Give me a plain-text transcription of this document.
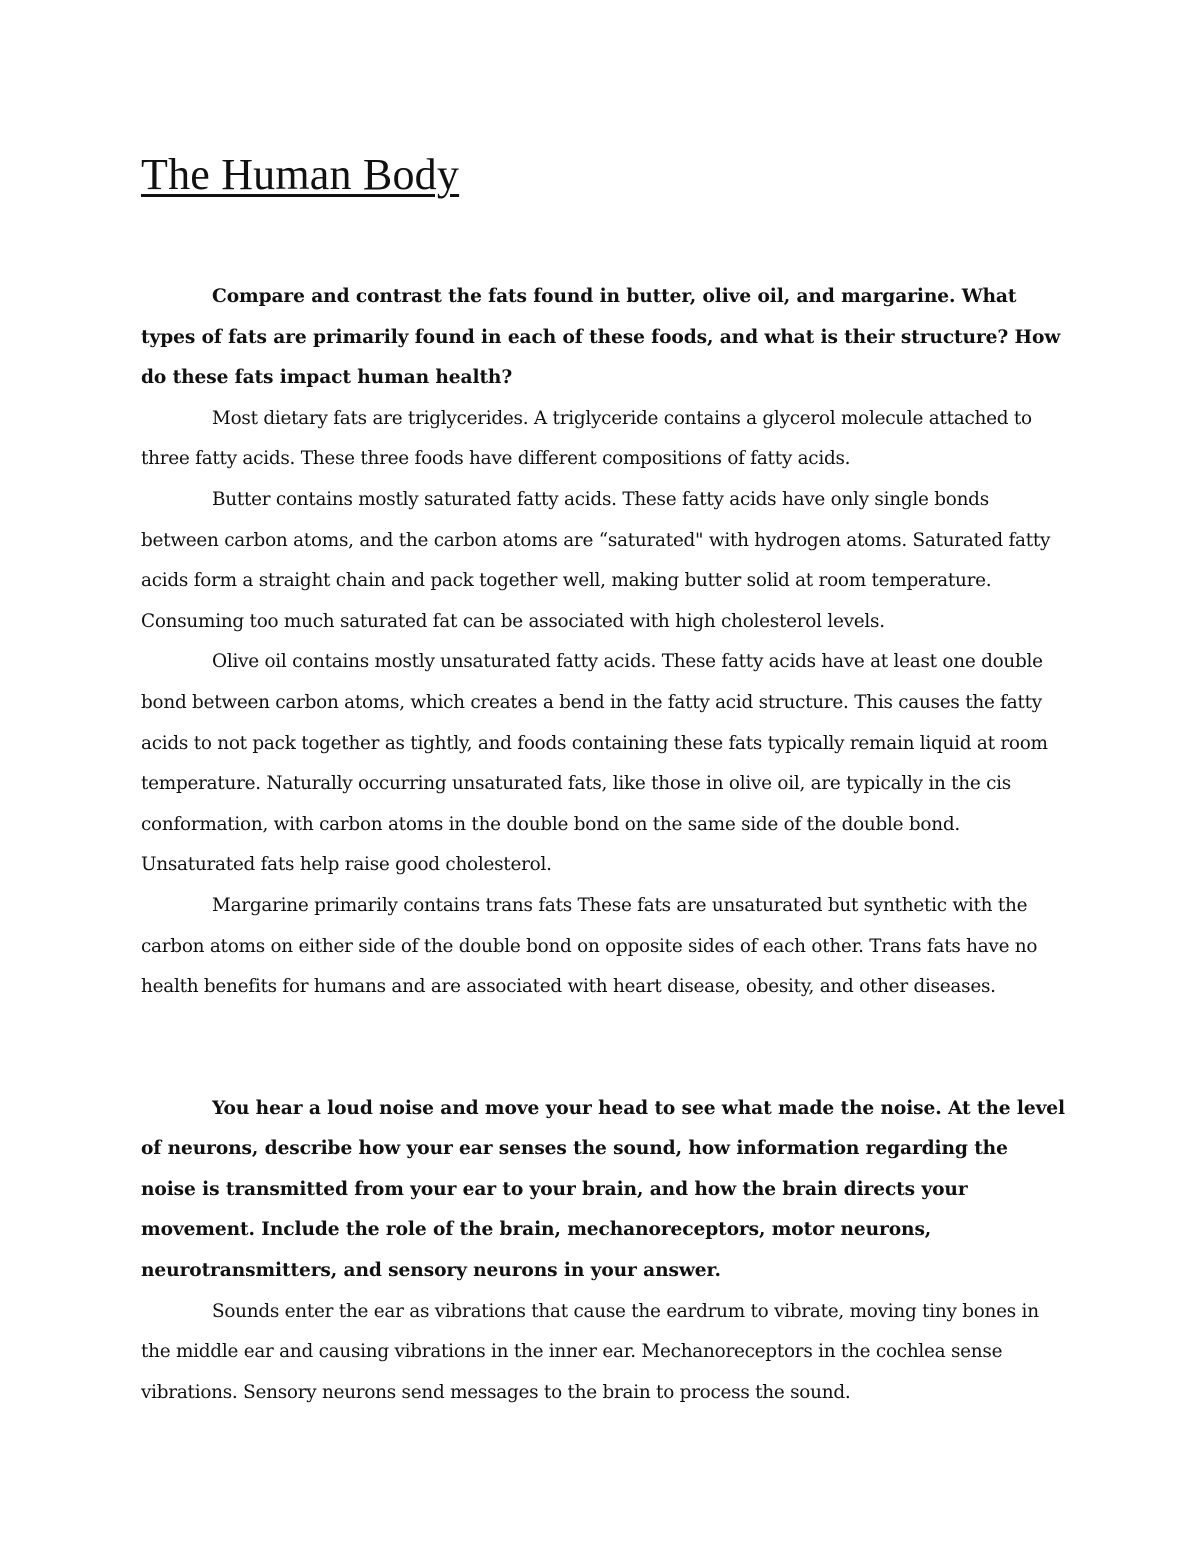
The Human Body

Compare and contrast the fats found in butter, olive oil, and margarine. What types of fats are primarily found in each of these foods, and what is their structure? How do these fats impact human health?

Most dietary fats are triglycerides. A triglyceride contains a glycerol molecule attached to three fatty acids. These three foods have different compositions of fatty acids.

Butter contains mostly saturated fatty acids. These fatty acids have only single bonds between carbon atoms, and the carbon atoms are “saturated" with hydrogen atoms. Saturated fatty acids form a straight chain and pack together well, making butter solid at room temperature. Consuming too much saturated fat can be associated with high cholesterol levels.

Olive oil contains mostly unsaturated fatty acids. These fatty acids have at least one double bond between carbon atoms, which creates a bend in the fatty acid structure. This causes the fatty acids to not pack together as tightly, and foods containing these fats typically remain liquid at room temperature. Naturally occurring unsaturated fats, like those in olive oil, are typically in the cis conformation, with carbon atoms in the double bond on the same side of the double bond. Unsaturated fats help raise good cholesterol.

Margarine primarily contains trans fats These fats are unsaturated but synthetic with the carbon atoms on either side of the double bond on opposite sides of each other. Trans fats have no health benefits for humans and are associated with heart disease, obesity, and other diseases.

You hear a loud noise and move your head to see what made the noise. At the level of neurons, describe how your ear senses the sound, how information regarding the noise is transmitted from your ear to your brain, and how the brain directs your movement. Include the role of the brain, mechanoreceptors, motor neurons, neurotransmitters, and sensory neurons in your answer.

Sounds enter the ear as vibrations that cause the eardrum to vibrate, moving tiny bones in the middle ear and causing vibrations in the inner ear. Mechanoreceptors in the cochlea sense vibrations. Sensory neurons send messages to the brain to process the sound.
